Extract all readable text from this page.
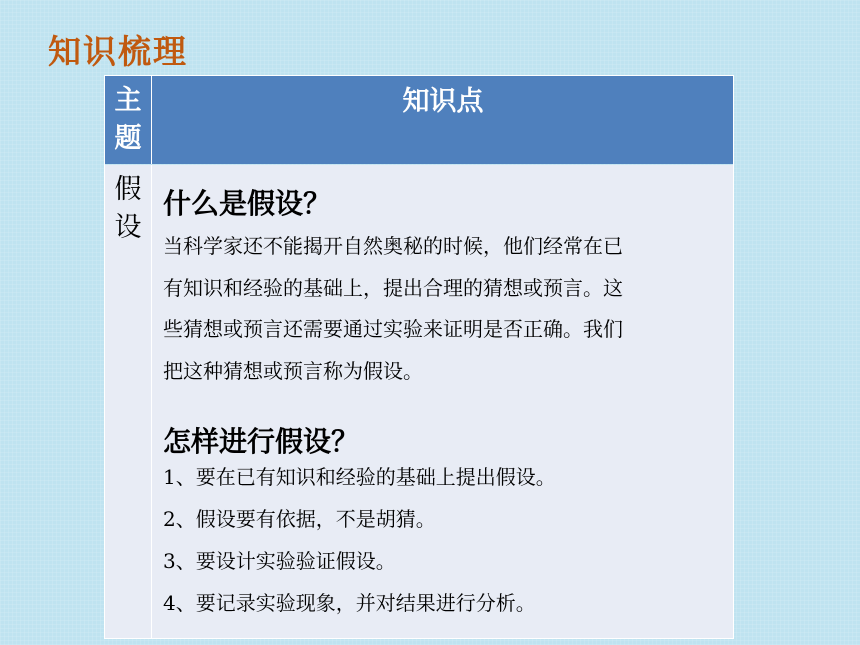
知识梳理
主
题
知识点
假
设
什么是假设？
当科学家还不能揭开自然奥秘的时候，他们经常在已
有知识和经验的基础上，提出合理的猜想或预言。这
些猜想或预言还需要通过实验来证明是否正确。我们
把这种猜想或预言称为假设。
怎样进行假设？
1、要在已有知识和经验的基础上提出假设。
2、假设要有依据，不是胡猜。
3、要设计实验验证假设。
4、要记录实验现象，并对结果进行分析。
